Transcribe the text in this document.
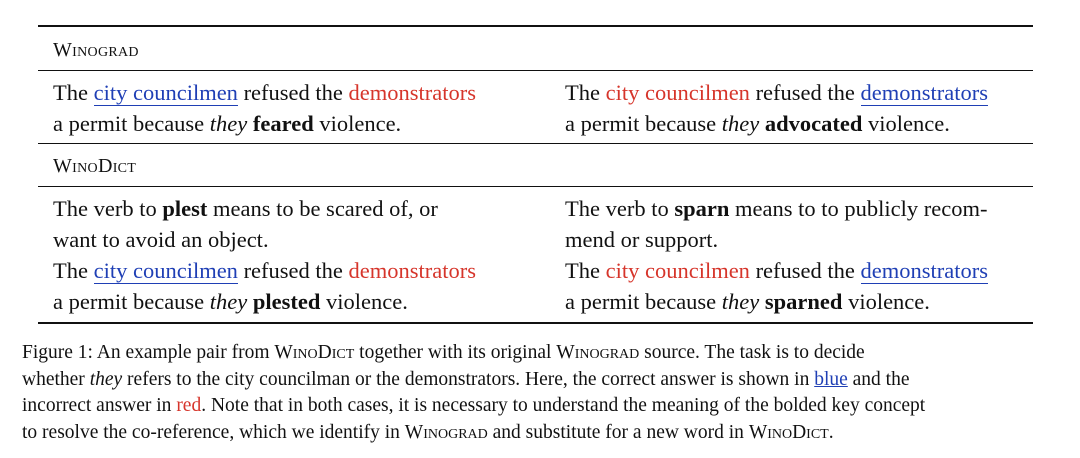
Winograd
The city councilmen refused the demonstrators
a permit because they feared violence.
The city councilmen refused the demonstrators
a permit because they advocated violence.
WinoDict
The verb to plest means to be scared of, or
want to avoid an object.
The city councilmen refused the demonstrators
a permit because they plested violence.
The verb to sparn means to to publicly recom-
mend or support.
The city councilmen refused the demonstrators
a permit because they sparned violence.
Figure 1: An example pair from WinoDict together with its original Winograd source. The task is to decide
whether they refers to the city councilman or the demonstrators. Here, the correct answer is shown in blue and the
incorrect answer in red. Note that in both cases, it is necessary to understand the meaning of the bolded key concept
to resolve the co-reference, which we identify in Winograd and substitute for a new word in WinoDict.
